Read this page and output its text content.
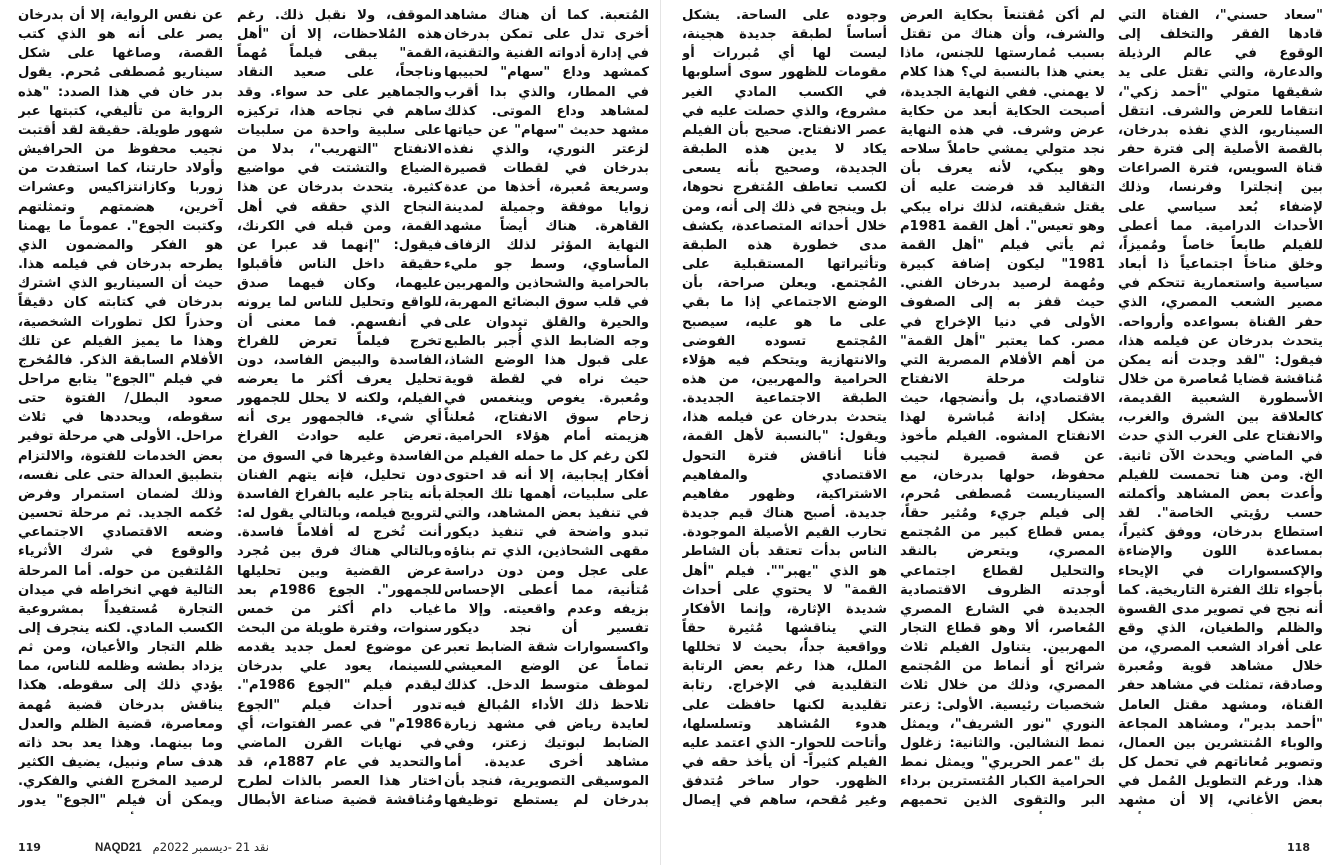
عن نفس الرواية، إلا أن بدرخان يصر على أنه هو الذي كتب القصة، وصاغها على شكل سيناريو مُصطفى مُحرم. يقول بدر خان في هذا الصدد: "هذه الرواية من تأليفي، كتبتها عبر شهور طويلة. حقيقة لقد أقتبت نجيب محفوظ من الحرافيش وأولاد حارتنا، كما استفدت من زوربا وكازانتزاكيس وعشرات آخرين، هضمتهم وتمثلتهم وكتبت الجوع". عموماً ما يهمنا هو الفكر والمضمون الذي يطرحه بدرخان في فيلمه هذا. حيث أن السيناريو الذي اشترك بدرخان في كتابته كان دقيقاً وحذراً لكل تطورات الشخصية، وهذا ما يميز الفيلم عن تلك الأفلام السابقة الذكر. فالمُخرج في فيلم "الجوع" يتابع مراحل صعود البطل/ الفتوة حتى سقوطه، ويحددها في ثلاث مراحل. الأولى هي مرحلة توفير بعض الخدمات للفتوة، والالتزام بتطبيق العدالة حتى على نفسه، وذلك لضمان استمرار وفرض حُكمه الجديد. ثم مرحلة تحسين وضعه الاقتصادي الاجتماعي والوقوع في شرك الأثرياء المُلتفين من حوله. أما المرحلة التالية فهي انخراطه في ميدان التجارة مُستفيداً بمشروعية الكسب المادي. لكنه ينجرف إلى ظلم التجار والأعيان، ومن ثم يزداد بطشه وظلمه للناس، مما يؤدي ذلك إلى سقوطه. هكذا يناقش بدرخان قضية مُهمة ومعاصرة، قضية الظلم والعدل وما بينهما. وهذا يعد بحد ذاته هدف سام ونبيل، يضيف الكثير لرصيد المخرج الفني والفكري. ويمكن أن فيلم "الجوع" يدور
الموقف، ولا نقبل ذلك. رغم هذه المُلاحظات، إلا أن "أهل القمة" يبقى فيلماً مُهماً وناجحاً، على صعيد النقاد والجماهير على حد سواء. وقد ساهم في نجاحه هذا، تركيزه على سلبية واحدة من سلبيات الانفتاح "التهريب"، بدلا من الضياع والتشتت في مواضيع كثيرة. يتحدث بدرخان عن هذا النجاح الذي حققه في أهل القمة، ومن قبله في الكرنك، فيقول: "إنهما قد عبرا عن حقيقة داخل الناس فأقبلوا عليهما، وكان فيهما صدق للواقع وتحليل للناس لما يرونه في أنفسهم. فما معنى أن تخرج فيلماً تعرض للفراخ الفاسدة والبيض الفاسد، دون تحليل يعرف أكثر ما يعرضه الفيلم، ولكنه لا يحلل للجمهور أي شيء. فالجمهور يرى أنه تعرض عليه حوادث الفراخ الفاسدة وغيرها في السوق من دون تحليل، فإنه يتهم الفنان بأنه يتاجر عليه بالفراخ الفاسدة لترويج فيلمه، وبالتالي يقول له: أنت تُخرج له أفلاماً فاسدة. وبالتالي هناك فرق بين مُجرد عرض القضية وبين تحليلها للجمهور". الجوع 1986م بعد غياب دام أكثر من خمس سنوات، وفترة طويلة من البحث عن موضوع لعمل جديد يقدمه للسينما، يعود علي بدرخان ليقدم فيلم "الجوع 1986م". تدور أحداث فيلم "الجوع 1986م" في عصر الفتوات، أي في نهايات القرن الماضي والتحديد في عام 1887م، قد اختار هذا العصر بالذات لطرح ومُناقشة قضية صناعة الأبطال
المُتعبة. كما أن هناك مشاهد أخرى تدل على تمكن بدرخان في إدارة أدواته الفنية والتقنية، كمشهد وداع "سهام" لحبيبها في المطار، والذي بدا أقرب لمشاهد وداع الموتى. كذلك مشهد حديث "سهام" عن حياتها لزعتر النوري، والذي نفذه بدرخان في لقطات قصيرة وسريعة مُعبرة، أخذها من عدة زوايا موفقة وجميلة لمدينة القاهرة. هناك أيضاً مشهد النهاية المؤثر لذلك الزفاف المأساوي، وسط جو مليء بالحرامية والشحاذين والمهربين في قلب سوق البضائع المهربة، والحيرة والقلق تبدوان على وجه الضابط الذي أُجبر بالطبع على قبول هذا الوضع الشاذ، حيث نراه في لقطة قوية ومُعبرة. يغوص وينغمس في زحام سوق الانفتاح، مُعلناً هزيمته أمام هؤلاء الحرامية. لكن رغم كل ما حمله الفيلم من أفكار إيجابية، إلا أنه قد احتوى على سلبيات، أهمها تلك العجلة في تنفيذ بعض المشاهد، والتي تبدو واضحة في تنفيذ ديكور مقهى الشحاذين، الذي تم بناؤه على عجل ومن دون دراسة مُتأنية، مما أعطى الإحساس بزيفه وعدم واقعيته. وإلا ما تفسير أن نجد ديكور واكسسوارات شقة الضابط تعبر تماماً عن الوضع المعيشي لموظف متوسط الدخل. كذلك تلاحظ ذلك الأداء المُبالغ فيه لعايدة رياض في مشهد زيارة الضابط لبوتيك زعتر، وفي مشاهد أخرى عديدة. أما الموسيقى التصويرية، فنجد بأن بدرخان لم يستطع توظيفها
119	NAQD21 نقد 21 -ديسمبر 2022م
وجوده على الساحة. يشكل أساساً لطبقة جديدة هجينة، ليست لها أي مُبررات أو مقومات للظهور سوى أسلوبها في الكسب المادي الغير مشروع، والذي حصلت عليه في عصر الانفتاح. صحيح بأن الفيلم يكاد لا يدين هذه الطبقة الجديدة، وصحيح بأنه يسعى لكسب تعاطف المُتفرج نحوها، بل وينجح في ذلك إلى أنه، ومن خلال أحداثه المتصاعدة، يكشف مدى خطورة هذه الطبقة وتأثيراتها المستقبلية على المُجتمع. ويعلن صراحة، بأن الوضع الاجتماعي إذا ما بقي على ما هو عليه، سيصبح المُجتمع تسوده الفوضى والانتهازية ويتحكم فيه هؤلاء الحرامية والمهربين، من هذه الطبقة الاجتماعية الجديدة. يتحدث بدرخان عن فيلمه هذا، ويقول: "بالنسبة لأهل القمة، فأنا أناقش فترة التحول الاقتصادي والمفاهيم الاشتراكية، وظهور مفاهيم جديدة. أصبح هناك قيم جديدة تحارب القيم الأصيلة الموجودة. الناس بدأت تعتقد بأن الشاطر هو الذي "يهبر"". فيلم "أهل القمة" لا يحتوي على أحداث شديدة الإثارة، وإنما الأفكار التي يناقشها مُثيرة حقاً وواقعية جداً، بحيث لا تخللها الملل، هذا رغم بعض الرتابة التقليدية في الإخراج. رتابة تقليدية لكنها حافظت على هدوء المُشاهد وتسلسلها، وأتاحت للحوار- الذي اعتمد عليه الفيلم كثيراً- أن يأخذ حقه في الظهور. حوار ساخر مُتدفق وغير مُقحم، ساهم في إيصال
لم أكن مُقتنعاً بحكاية العرض والشرف، وأن هناك من تقتل بسبب مُمارستها للجنس، ماذا يعني هذا بالنسبة لي؟ هذا كلام لا يهمني. ففي النهاية الجديدة، أصبحت الحكاية أبعد من حكاية عرض وشرف. في هذه النهاية نجد متولي يمشي حاملاً سلاحه وهو يبكي، لأنه يعرف بأن التقاليد قد فرضت عليه أن يقتل شقيقته، لذلك نراه يبكي وهو تعيس". أهل القمة 1981م ثم يأتي فيلم "أهل القمة 1981" ليكون إضافة كبيرة ومُهمة لرصيد بدرخان الفني. حيث قفز به إلى الصفوف الأولى في دنيا الإخراج في مصر. كما يعتبر "أهل القمة" من أهم الأفلام المصرية التي تناولت مرحلة الانفتاح الاقتصادي، بل وأنضجها، حيث يشكل إدانة مُباشرة لهذا الانفتاح المشوه. الفيلم مأخوذ عن قصة قصيرة لنجيب محفوظ، حولها بدرخان، مع السيناريست مُصطفى مُحرم، إلى فيلم جريء ومُثير حقاً، يمس قطاع كبير من المُجتمع المصري، ويتعرض بالنقد والتحليل لقطاع اجتماعي أوجدته الظروف الاقتصادية الجديدة في الشارع المصري المُعاصر، ألا وهو قطاع التجار المهربين. يتناول الفيلم ثلاث شرائح أو أنماط من المُجتمع المصري، وذلك من خلال ثلاث شخصيات رئيسية. الأولى: زعتر النوري "نور الشريف"، ويمثل نمط النشالين. والثانية: زغلول بك "عمر الحريري" ويمثل نمط الحرامية الكبار المُتسترين برداء البر والتقوى الذين تحميهم
"سعاد حسني"، الفتاة التي قادها الفقر والتخلف إلى الوقوع في عالم الرذيلة والدعارة، والتي تقتل على يد شقيقها متولي "أحمد زكي"، انتقاما للعرض والشرف. انتقل السيناريو، الذي نفذه بدرخان، بالقصة الأصلية إلى فترة حفر قناة السويس، فترة الصراعات بين إنجلترا وفرنسا، وذلك لإضفاء بُعد سياسي على الأحداث الدرامية. مما أعطى للفيلم طابعاً خاصاً ومُميزاً، وخلق مناخاً اجتماعياً ذا أبعاد سياسية واستعمارية تتحكم في مصير الشعب المصري، الذي حفر القناة بسواعده وأرواحه. يتحدث بدرخان عن فيلمه هذا، فيقول: "لقد وجدت أنه يمكن مُناقشة قضايا مُعاصرة من خلال الأسطورة الشعبية القديمة، كالعلاقة بين الشرق والغرب، والانفتاح على الغرب الذي حدث في الماضي ويحدث الآن ثانية. الخ. ومن هنا تحمست للفيلم وأعدت بعض المشاهد وأكملته حسب رؤيتي الخاصة". لقد استطاع بدرخان، ووفق كثيراً، بمساعدة اللون والإضاءة والإكسسوارات في الإيحاء بأجواء تلك الفترة التاريخية. كما أنه نجح في تصوير مدى القسوة والظلم والطغيان، الذي وقع على أفراد الشعب المصري، من خلال مشاهد قوية ومُعبرة وصادقة، تمثلت في مشاهد حفر القناة، ومشهد مقتل العامل "أحمد بدير"، ومشاهد المجاعة والوباء المُنتشرين بين العمال، وتصوير مُعاناتهم في تحمل كل هذا. ورغم التطويل المُمل في بعض الأغاني، إلا أن مشهد
118
